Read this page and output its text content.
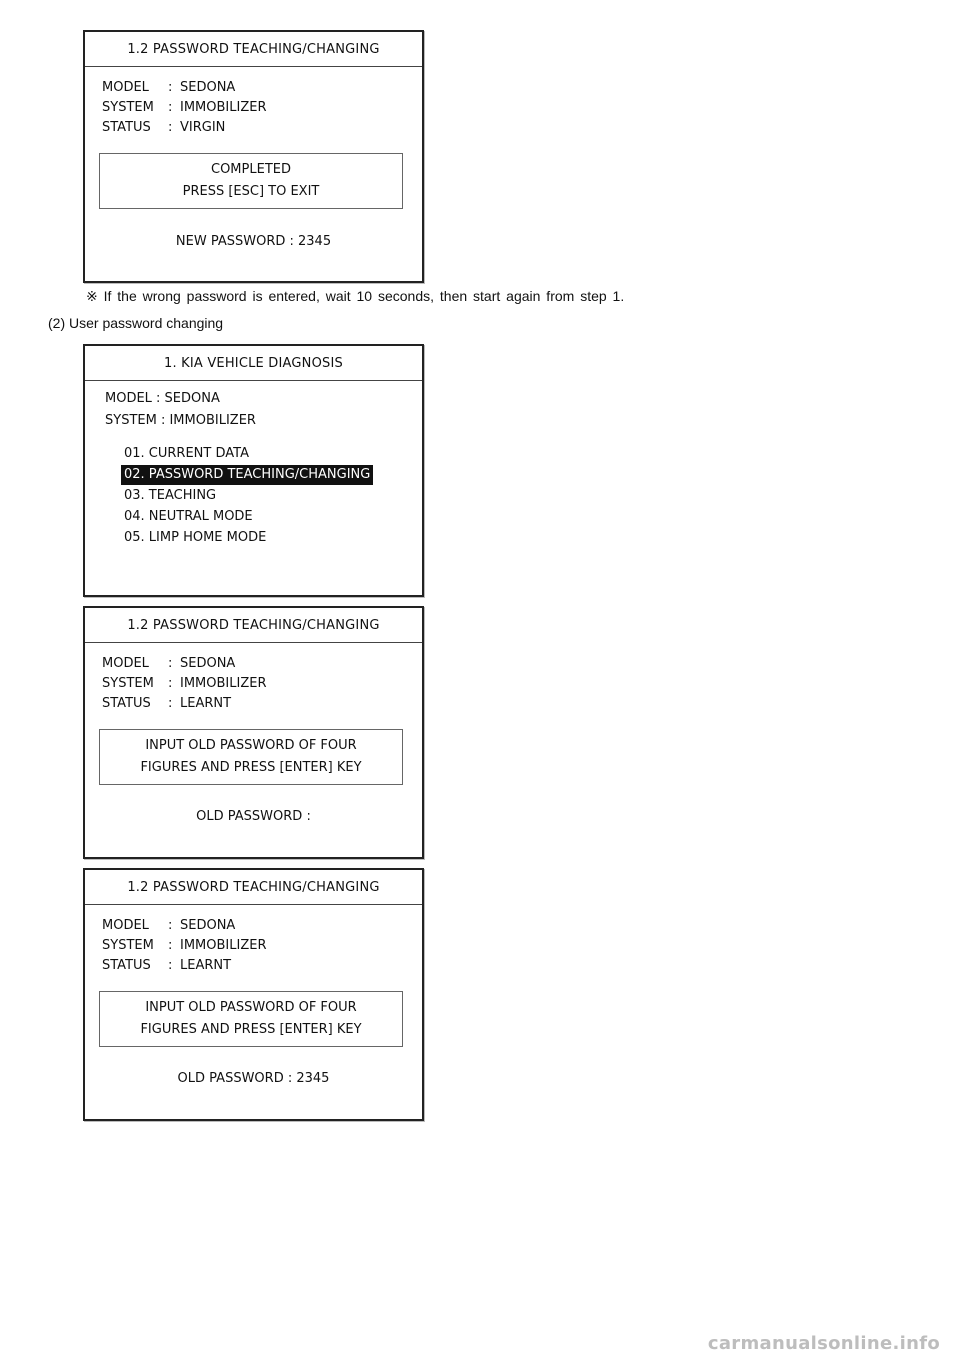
1.2 PASSWORD TEACHING/CHANGING
MODEL	: SEDONA
SYSTEM	: IMMOBILIZER
STATUS	: VIRGIN
COMPLETED
PRESS [ESC] TO EXIT
NEW PASSWORD : 2345
※ If the wrong password is entered, wait 10 seconds, then start again from step 1.
(2) User password changing
1. KIA VEHICLE DIAGNOSIS
MODEL : SEDONA
SYSTEM : IMMOBILIZER
01. CURRENT DATA
02. PASSWORD TEACHING/CHANGING
03. TEACHING
04. NEUTRAL MODE
05. LIMP HOME MODE
1.2 PASSWORD TEACHING/CHANGING
MODEL	: SEDONA
SYSTEM	: IMMOBILIZER
STATUS	: LEARNT
INPUT OLD PASSWORD OF FOUR
FIGURES AND PRESS [ENTER] KEY
OLD PASSWORD :
1.2 PASSWORD TEACHING/CHANGING
MODEL	: SEDONA
SYSTEM	: IMMOBILIZER
STATUS	: LEARNT
INPUT OLD PASSWORD OF FOUR
FIGURES AND PRESS [ENTER] KEY
OLD PASSWORD : 2345
carmanualsonline.info
